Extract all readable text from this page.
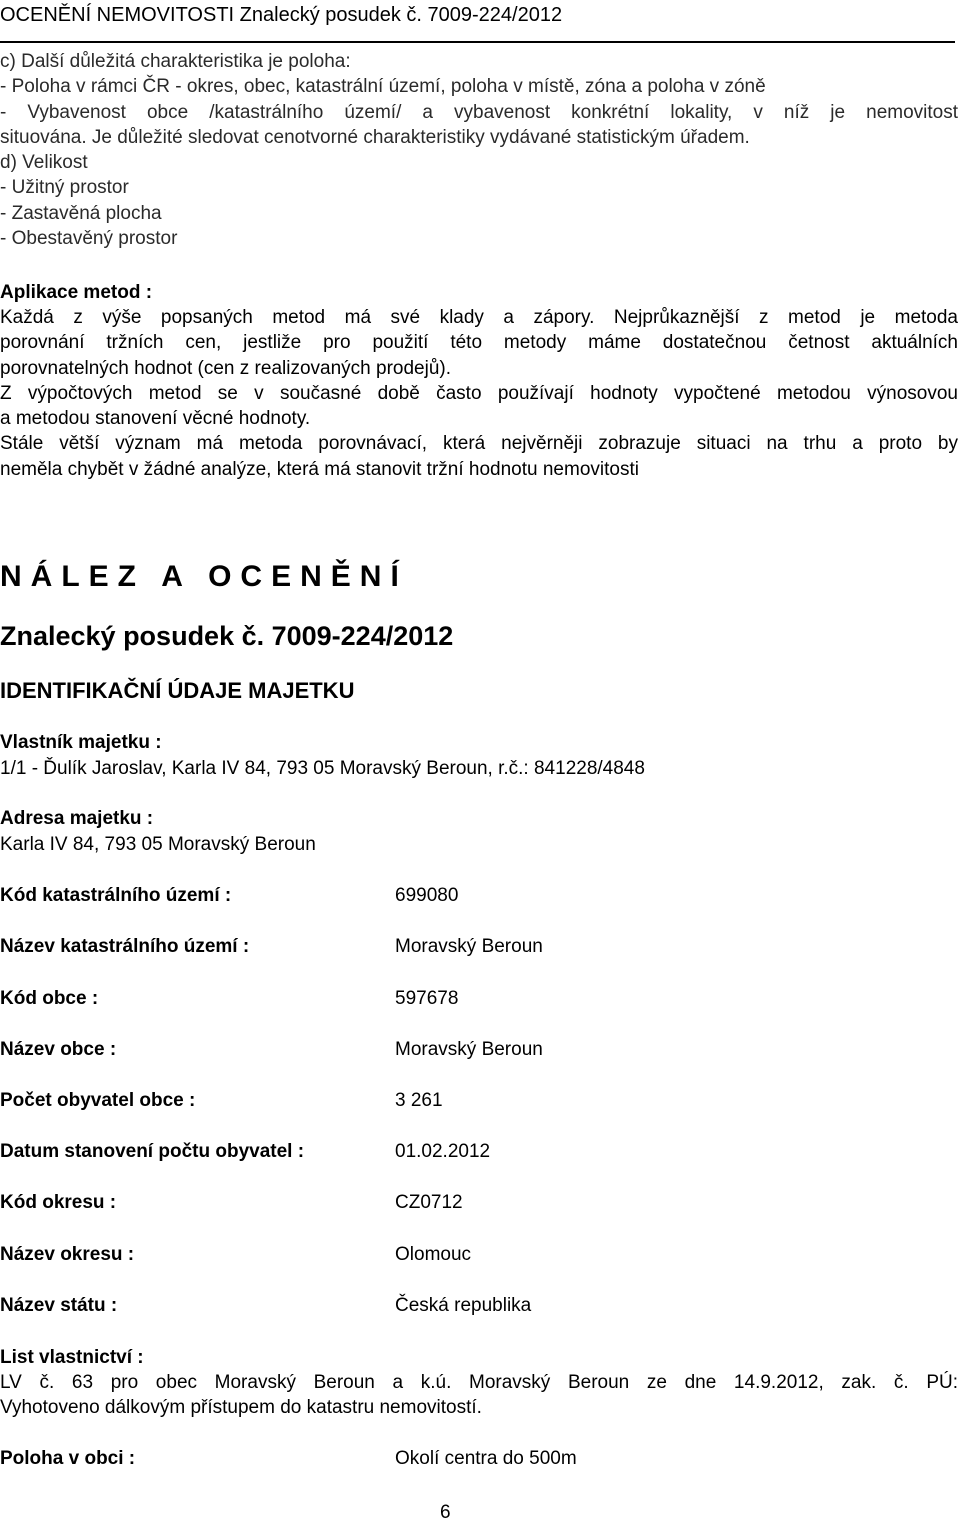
OCENĚNÍ NEMOVITOSTI Znalecký posudek č. 7009-224/2012
c) Další důležitá charakteristika je poloha:
- Poloha v rámci ČR - okres, obec, katastrální území, poloha v místě, zóna a poloha v zóně
- Vybavenost obce /katastrálního území/ a vybavenost konkrétní lokality, v níž je nemovitost
situována. Je důležité sledovat cenotvorné charakteristiky vydávané statistickým úřadem.
d) Velikost
- Užitný prostor
- Zastavěná plocha
- Obestavěný prostor
Aplikace metod :
Každá z výše popsaných metod má své klady a zápory. Nejprůkaznější z metod je metoda
porovnání tržních cen, jestliže pro použití této metody máme dostatečnou četnost aktuálních
porovnatelných hodnot (cen z realizovaných prodejů).
Z výpočtových metod se v současné době často používají hodnoty vypočtené metodou výnosovou
a metodou stanovení věcné hodnoty.
Stále větší význam má metoda porovnávací, která nejvěrněji zobrazuje situaci na trhu a proto by
neměla chybět v žádné analýze, která má stanovit tržní hodnotu nemovitosti
NÁLEZ A OCENĚNÍ
Znalecký posudek č. 7009-224/2012
IDENTIFIKAČNÍ ÚDAJE MAJETKU
Vlastník majetku :
1/1 - Ďulík Jaroslav, Karla IV 84, 793 05 Moravský Beroun, r.č.: 841228/4848
Adresa majetku :
Karla IV 84, 793 05 Moravský Beroun
Kód katastrálního území :	699080
Název katastrálního území :	Moravský Beroun
Kód obce :	597678
Název obce :	Moravský Beroun
Počet obyvatel obce :	3 261
Datum stanovení počtu obyvatel :	01.02.2012
Kód okresu :	CZ0712
Název okresu :	Olomouc
Název státu :	Česká republika
List vlastnictví :
LV č. 63 pro obec Moravský Beroun a k.ú. Moravský Beroun ze dne 14.9.2012, zak. č. PÚ:
Vyhotoveno dálkovým přístupem do katastru nemovitostí.
Poloha v obci :	Okolí centra do 500m
6
